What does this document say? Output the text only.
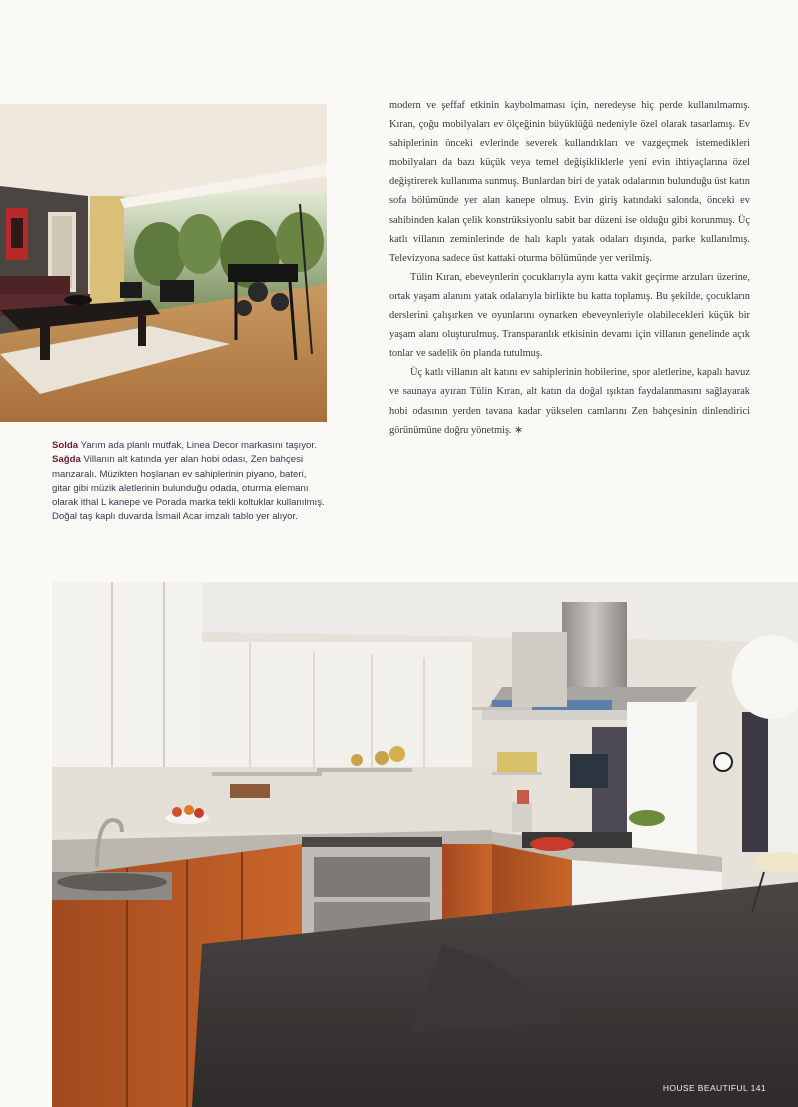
Solda Yarım ada planlı mutfak, Linea Decor markasını taşıyor.

Sağda Villanın alt katında yer alan hobi odası, Zen bahçesi manzaralı. Müzikten hoşlanan ev sahiplerinin piyano, bateri, gitar gibi müzik aletlerinin bulunduğu odada, oturma elemanı olarak ithal L kanepe ve Porada marka tekli koltuklar kullanılmış. Doğal taş kaplı duvarda İsmail Acar imzalı tablo yer alıyor.

modern ve şeffaf etkinin kaybolmaması için, neredeyse hiç perde kullanılmamış. Kıran, çoğu mobilyaları ev ölçeğinin büyüklüğü nedeniyle özel olarak tasarlamış. Ev sahiplerinin önceki evlerinde severek kullandıkları ve vazgeçmek istemedikleri mobilyaları da bazı küçük veya temel değişikliklerle yeni evin ihtiyaçlarına özel değiştirerek kullanıma sunmuş. Bunlardan biri de yatak odalarının bulunduğu üst katın sofa bölümünde yer alan kanepe olmuş. Evin giriş katındaki salonda, önceki ev sahibinden kalan çelik konstrüksiyonlu sabit bar düzeni ise olduğu gibi korunmuş. Üç katlı villanın zeminlerinde de halı kaplı yatak odaları dışında, parke kullanılmış. Televizyona sadece üst kattaki oturma bölümünde yer verilmiş.

Tülin Kıran, ebeveynlerin çocuklarıyla aynı katta vakit geçirme arzuları üzerine, ortak yaşam alanını yatak odalarıyla birlikte bu katta toplamış. Bu şekilde, çocukların derslerini çalışırken ve oyunlarını oynarken ebeveynleriyle olabilecekleri küçük bir yaşam alanı oluşturulmuş. Transparanlık etkisinin devamı için villanın genelinde açık tonlar ve sadelik ön planda tutulmuş.

Üç katlı villanın alt katını ev sahiplerinin hobilerine, spor aletlerine, kapalı havuz ve saunaya ayıran Tülin Kıran, alt katın da doğal ışıktan faydalanmasını sağlayarak hobi odasının yerden tavana kadar yükselen camlarını Zen bahçesinin dinlendirici görünümüne doğru yönetmiş. ∗

HOUSE BEAUTIFUL 141
